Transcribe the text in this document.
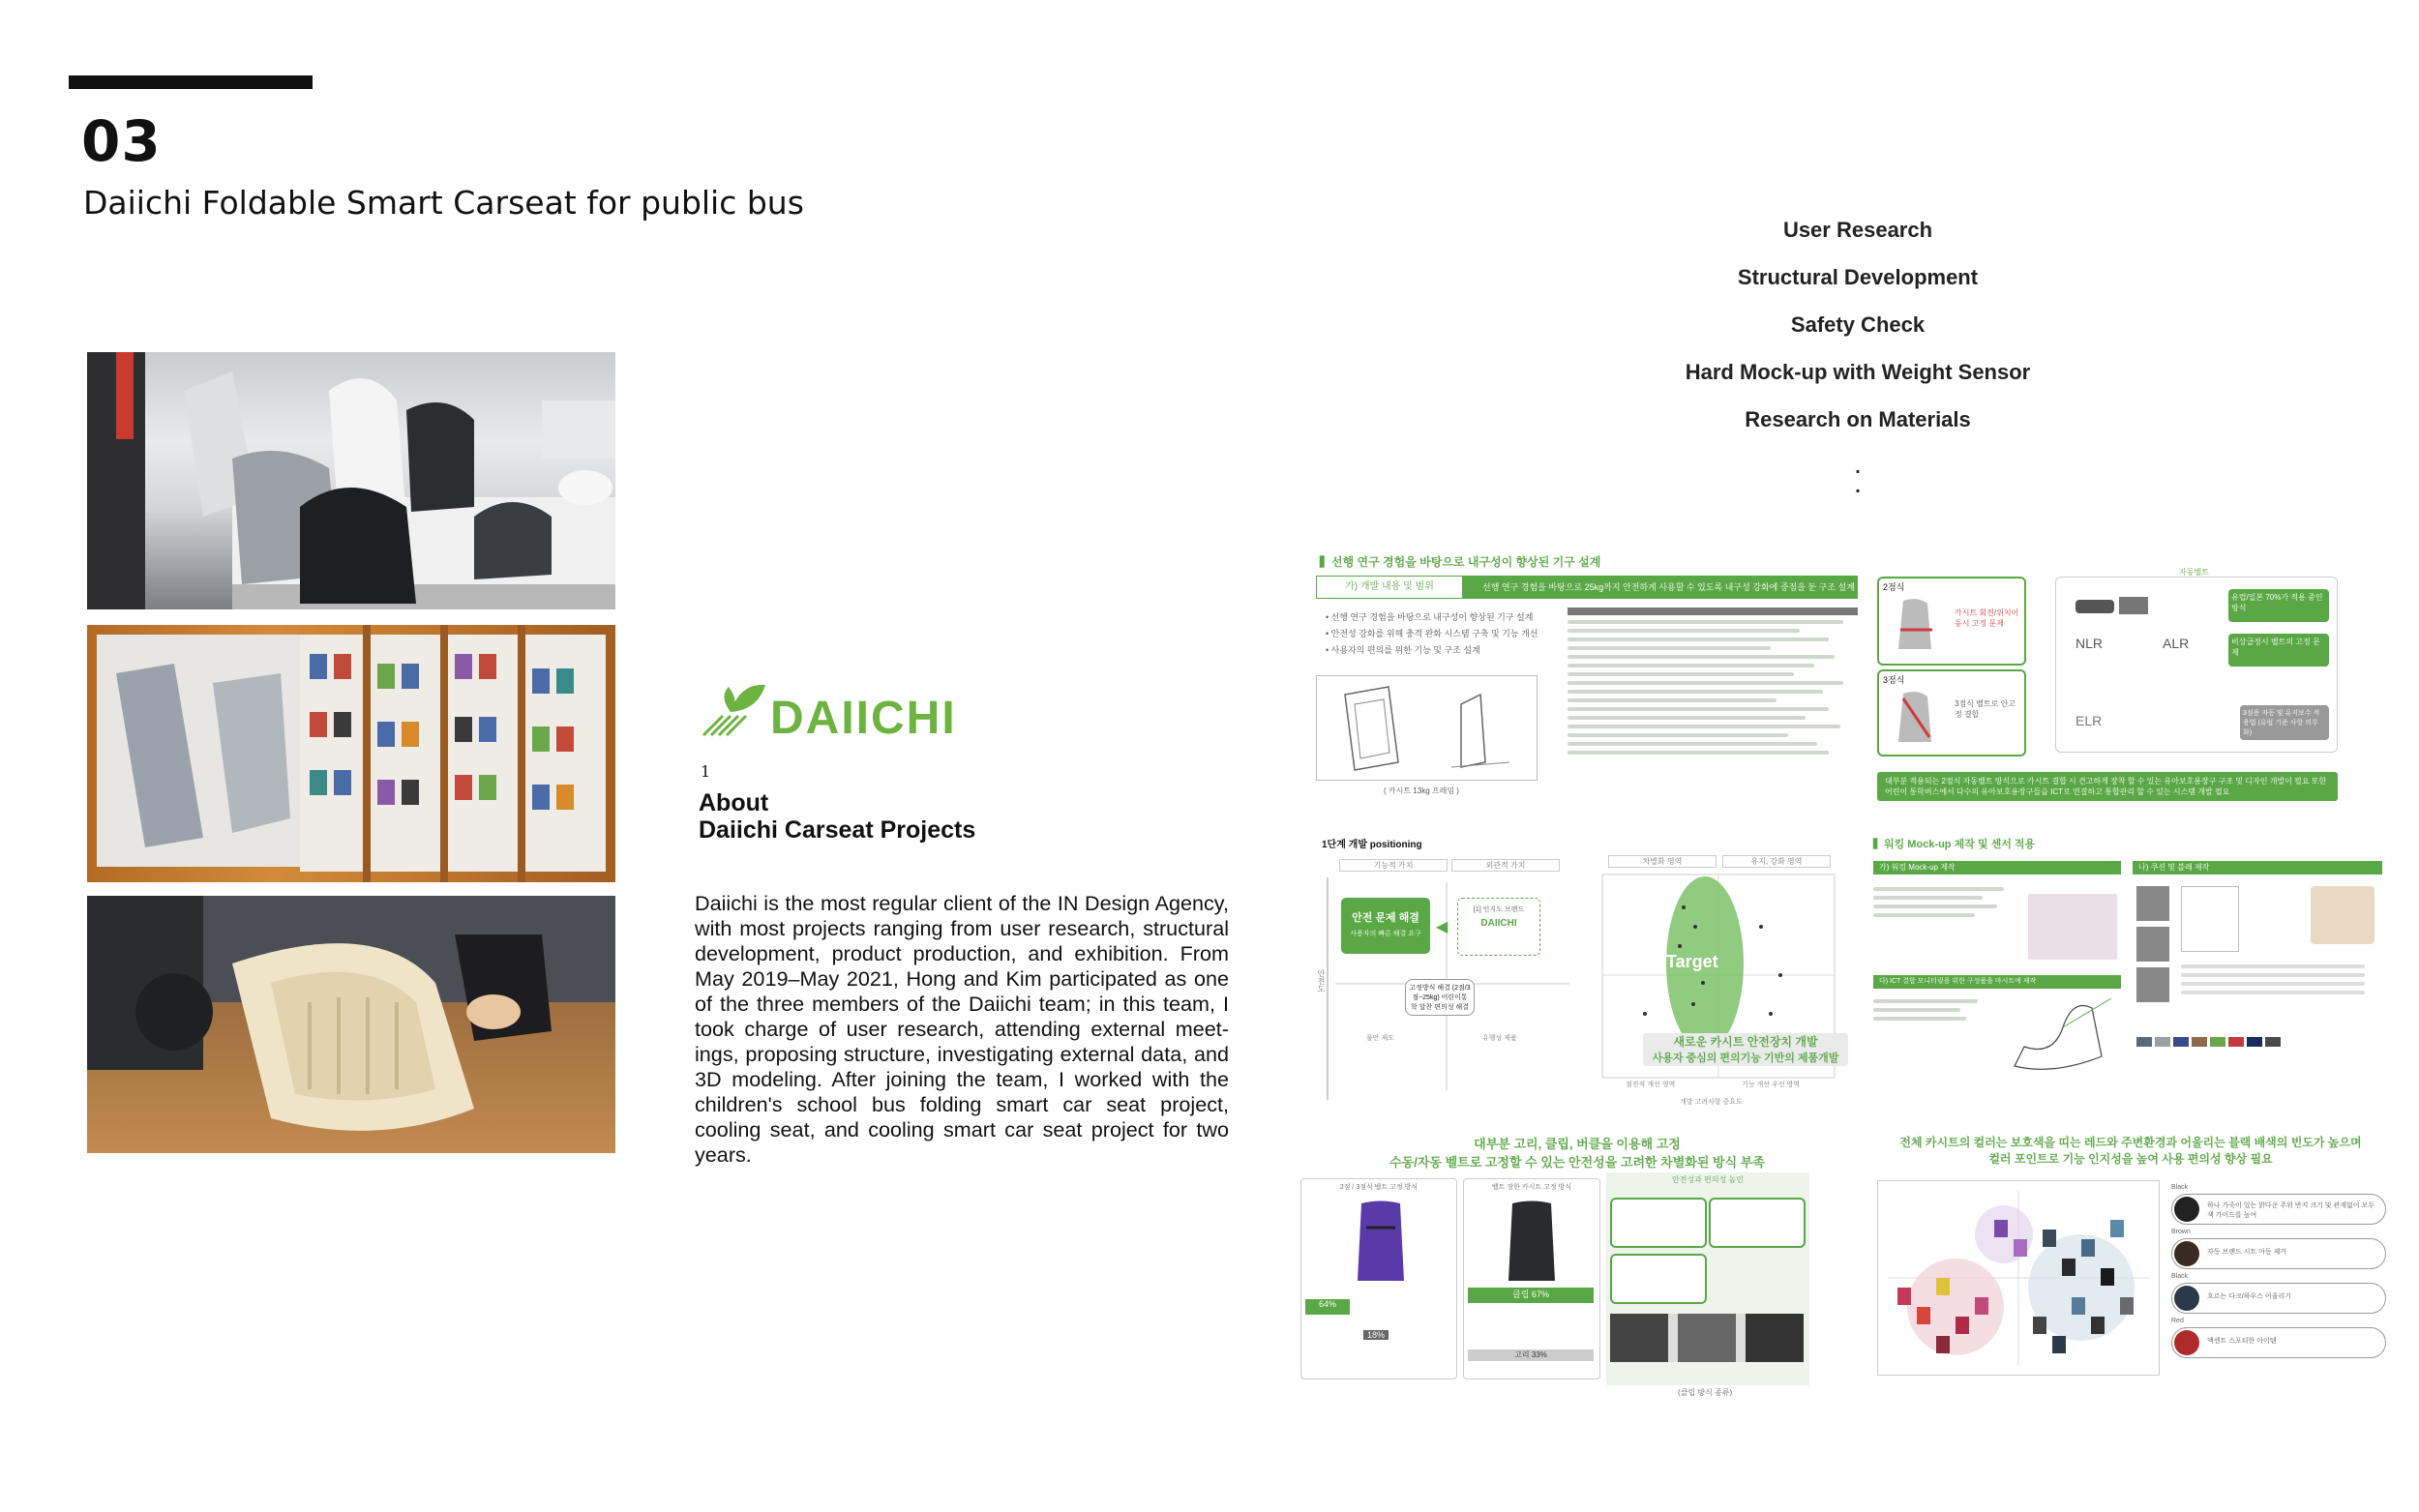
03
Daiichi Foldable Smart Carseat for public bus
DAIICHI
1
About
Daiichi Carseat Projects
Daiichi is the most regular client of the IN Design Agency, with most projects ranging from user research, structural development, product production, and exhibition. From May 2019–May 2021, Hong and Kim participated as one of the three members of the Daiichi team; in this team, I took charge of user research, attending external meet-ings, proposing structure, investigating external data, and 3D modeling. After joining the team, I worked with the children's school bus folding smart car seat project, cooling seat, and cooling smart car seat project for two years.
User Research
Structural Development
Safety Check
Hard Mock-up with Weight Sensor
Research on Materials
.
.
▍선행 연구 경험을 바탕으로 내구성이 향상된 기구 설계
가) 개발 내용 및 범위	선행 연구 경험을 바탕으로 25kg까지 안전하게 사용할 수 있도록 내구성 강화에 중점을 둔 구조 설계
• 선행 연구 경험을 바탕으로 내구성이 향상된 기구 설계
• 안전성 강화를 위해 충격 완화 시스템 구축 및 기능 개선
• 사용자의 편의를 위한 기능 및 구조 설계
( 카시트 13kg 프레임 )
2점식
카시트 회전/위치이동시 고정 문제
3점식
3점식 벨트로 안고정 결합
자동벨트
NLR	ALR
ELR
유럽/일본 70%가 적용 중인 방식
비상급정시 벨트의 고정 문제
3점용 자동 및 유지보수 적용법 (유럽 기준 사항 의무화)
대부분 적용되는 2점식 자동벨트 방식으로 카시트 결합 시 견고하게 장착 할 수 있는 유아보호용장구 구조 및 디자인 개발이 필요 또한 어린이 통학버스에서 다수의 유아보호용장구들을 ICT로 연결하고 통합관리 할 수 있는 시스템 개발 필요
1단계 개발 positioning
기능적 가치	외관적 가치
안전도
안전 문제 해결
사용자의 빠른 해결 요구 ◀
[1] 인지도 브랜드
DAIICHI
고정방식 해결 (2점/3점~25kg) 어린이통학 알찬 편의성 해결
물안 제도	유행성 제품
차별화 영역	유지, 강화 영역
Target
새로운 카시트 안전장치 개발
사용자 중심의 편의기능 기반의 제품개발
점진적 개선 영역	기능 개선 우선 영역
개발 고려사항 중요도
▍워킹 Mock-up 제작 및 센서 적용
가) 워킹 Mock-up 제작	나) 쿠션 및 블레 제작
다) ICT 결합 모니터링을 위한 구성품을 마시트에 제작
대부분 고리, 클립, 버클을 이용해 고정
수동/자동 벨트로 고정할 수 있는 안전성을 고려한 차별화된 방식 부족
2점 / 3점식 벨트 고정 방식
64%
18%
벨트 장한 카시트 고정 방식
클립 67%
고리 33%
안전성과 편의성 높인
(클립 방식 종류)
전체 카시트의 컬러는 보호색을 띠는 레드와 주변환경과 어울리는 블랙 배색의 빈도가 높으며
컬러 포인트로 기능 인지성을 높여 사용 편의성 향상 필요
Black
하나 가죽이 있는 밝다운 주위 반지 크기 및 관계없이 모두 색 가이드를 높여
Brown
자동 브랜드 시트 아동 제거
Black
흐르는 다크/하우스 어울리기
Red
액센트 스포티한 아이템
